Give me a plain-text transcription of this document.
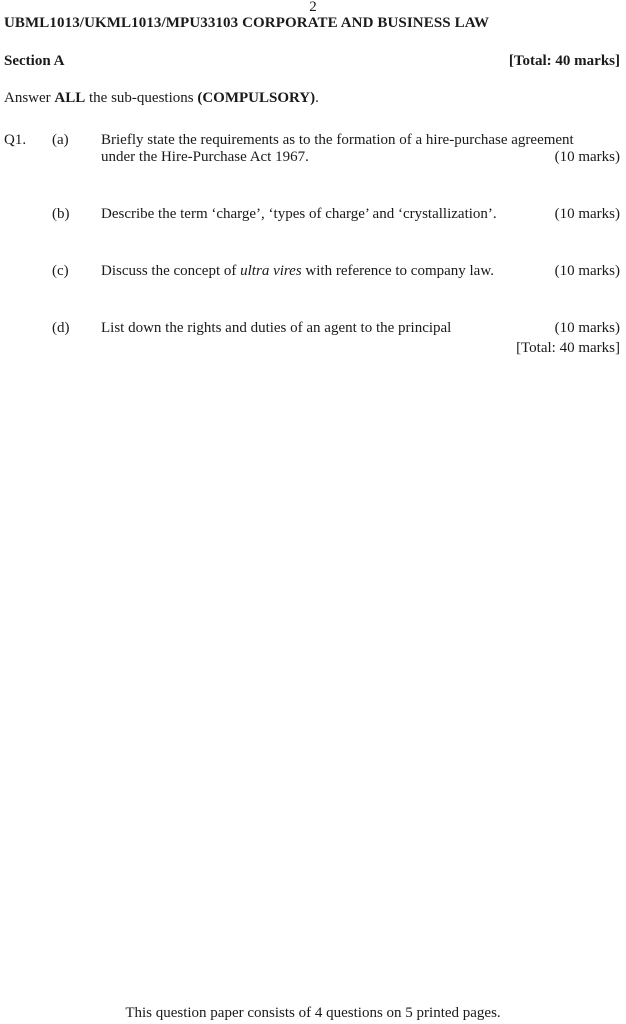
2
UBML1013/UKML1013/MPU33103 CORPORATE AND BUSINESS LAW
Section A	[Total: 40 marks]
Answer ALL the sub-questions (COMPULSORY).
Q1. (a) Briefly state the requirements as to the formation of a hire-purchase agreement
under the Hire-Purchase Act 1967.	(10 marks)
(b) Describe the term ‘charge’, ‘types of charge’ and ‘crystallization’.	(10 marks)
(c) Discuss the concept of ultra vires with reference to company law.	(10 marks)
(d) List down the rights and duties of an agent to the principal	(10 marks)
[Total: 40 marks]
This question paper consists of 4 questions on 5 printed pages.
